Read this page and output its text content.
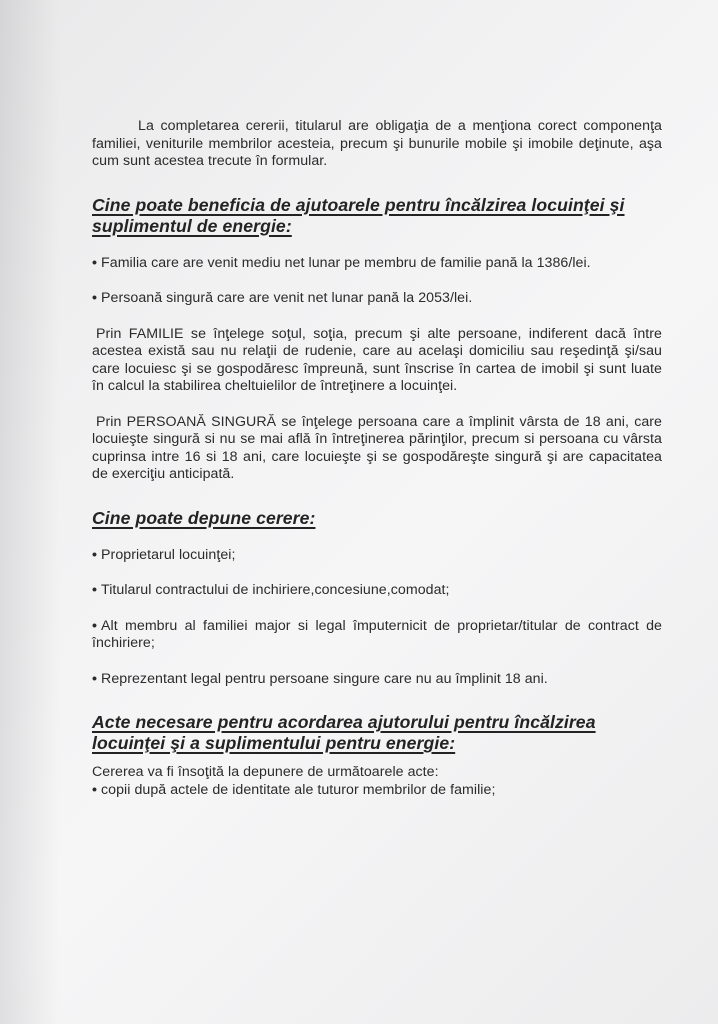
La completarea cererii, titularul are obligaţia de a menţiona corect componenţa familiei, veniturile membrilor acesteia, precum şi bunurile mobile şi imobile deţinute, aşa cum sunt acestea trecute în formular.

Cine poate beneficia de ajutoarele pentru încălzirea locuinţei şi suplimentul de energie:

• Familia care are venit mediu net lunar pe membru de familie pană la 1386/lei.

• Persoană singură care are venit net lunar pană la 2053/lei.

Prin FAMILIE se înţelege soţul, soţia, precum şi alte persoane, indiferent dacă între acestea există sau nu relaţii de rudenie, care au acelaşi domiciliu sau reşedinţă şi/sau care locuiesc şi se gospodăresc împreună, sunt înscrise în cartea de imobil şi sunt luate în calcul la stabilirea cheltuielilor de întreţinere a locuinţei.

Prin PERSOANĂ SINGURĂ se înţelege persoana care a împlinit vârsta de 18 ani, care locuieşte singură si nu se mai află în întreţinerea părinţilor, precum si persoana cu vârsta cuprinsa intre 16 si 18 ani, care locuieşte şi se gospodăreşte singură şi are capacitatea de exerciţiu anticipată.

Cine poate depune cerere:

• Proprietarul locuinţei;

• Titularul contractului de inchiriere,concesiune,comodat;

• Alt membru al familiei major si legal împuternicit de proprietar/titular de contract de închiriere;

• Reprezentant legal pentru persoane singure care nu au împlinit 18 ani.

Acte necesare pentru acordarea ajutorului pentru încălzirea locuinţei şi a suplimentului pentru energie:

Cererea va fi însoţită la depunere de următoarele acte:

• copii după actele de identitate ale tuturor membrilor de familie;
